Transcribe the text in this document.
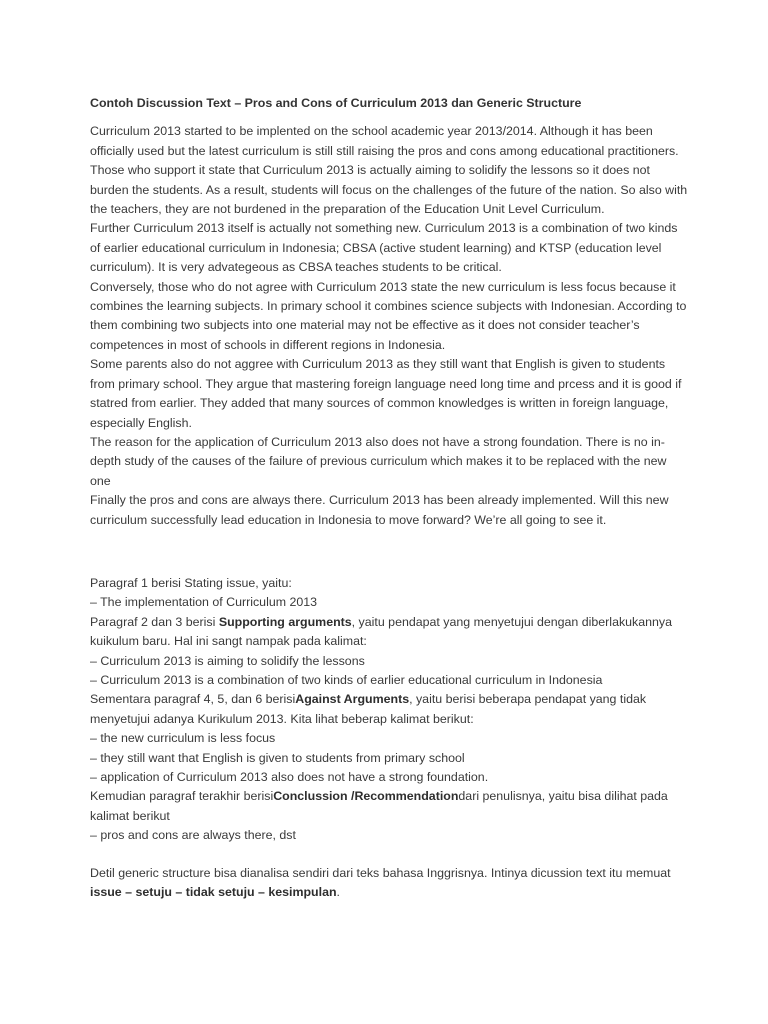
Contoh Discussion Text – Pros and Cons of Curriculum 2013 dan Generic Structure

Curriculum 2013 started to be implented on the school academic year 2013/2014. Although it has been officially used but the latest curriculum is still still raising the pros and cons among educational practitioners.

Those who support it state that Curriculum 2013 is actually aiming to solidify the lessons so it does not burden the students. As a result, students will focus on the challenges of the future of the nation. So also with the teachers, they are not burdened in the preparation of the Education Unit Level Curriculum.

Further Curriculum 2013 itself is actually not something new. Curriculum 2013 is a combination of two kinds of earlier educational curriculum in Indonesia; CBSA (active student learning) and KTSP (education level curriculum). It is very advategeous as CBSA teaches students to be critical.

Conversely, those who do not agree with Curriculum 2013 state the new curriculum is less focus because it combines the learning subjects. In primary school it combines science subjects with Indonesian. According to them combining two subjects into one material may not be effective as it does not consider teacher’s competences in most of schools in different regions in Indonesia.

Some parents also do not aggree with Curriculum 2013 as they still want that English is given to students from primary school. They argue that mastering foreign language need long time and prcess and it is good if statred from earlier. They added that many sources of common knowledges is written in foreign language, especially English.

The reason for the application of Curriculum 2013 also does not have a strong foundation. There is no in-depth study of the causes of the failure of previous curriculum which makes it to be replaced with the new one

Finally the pros and cons are always there. Curriculum 2013 has been already implemented. Will this new curriculum successfully lead education in Indonesia to move forward? We’re all going to see it.

Paragraf 1 berisi Stating issue, yaitu:

– The implementation of Curriculum 2013

Paragraf 2 dan 3 berisi Supporting arguments, yaitu pendapat yang menyetujui dengan diberlakukannya kuikulum baru. Hal ini sangt nampak pada kalimat:

– Curriculum 2013 is aiming to solidify the lessons

– Curriculum 2013 is a combination of two kinds of earlier educational curriculum in Indonesia

Sementara paragraf 4, 5, dan 6 berisiAgainst Arguments, yaitu berisi beberapa pendapat yang tidak menyetujui adanya Kurikulum 2013. Kita lihat beberap kalimat berikut:

– the new curriculum is less focus

– they still want that English is given to students from primary school

– application of Curriculum 2013 also does not have a strong foundation.

Kemudian paragraf terakhir berisiConclussion /Recommendationdari penulisnya, yaitu bisa dilihat pada kalimat berikut

– pros and cons are always there, dst

Detil generic structure bisa dianalisa sendiri dari teks bahasa Inggrisnya. Intinya dicussion text itu memuat issue – setuju – tidak setuju – kesimpulan.
